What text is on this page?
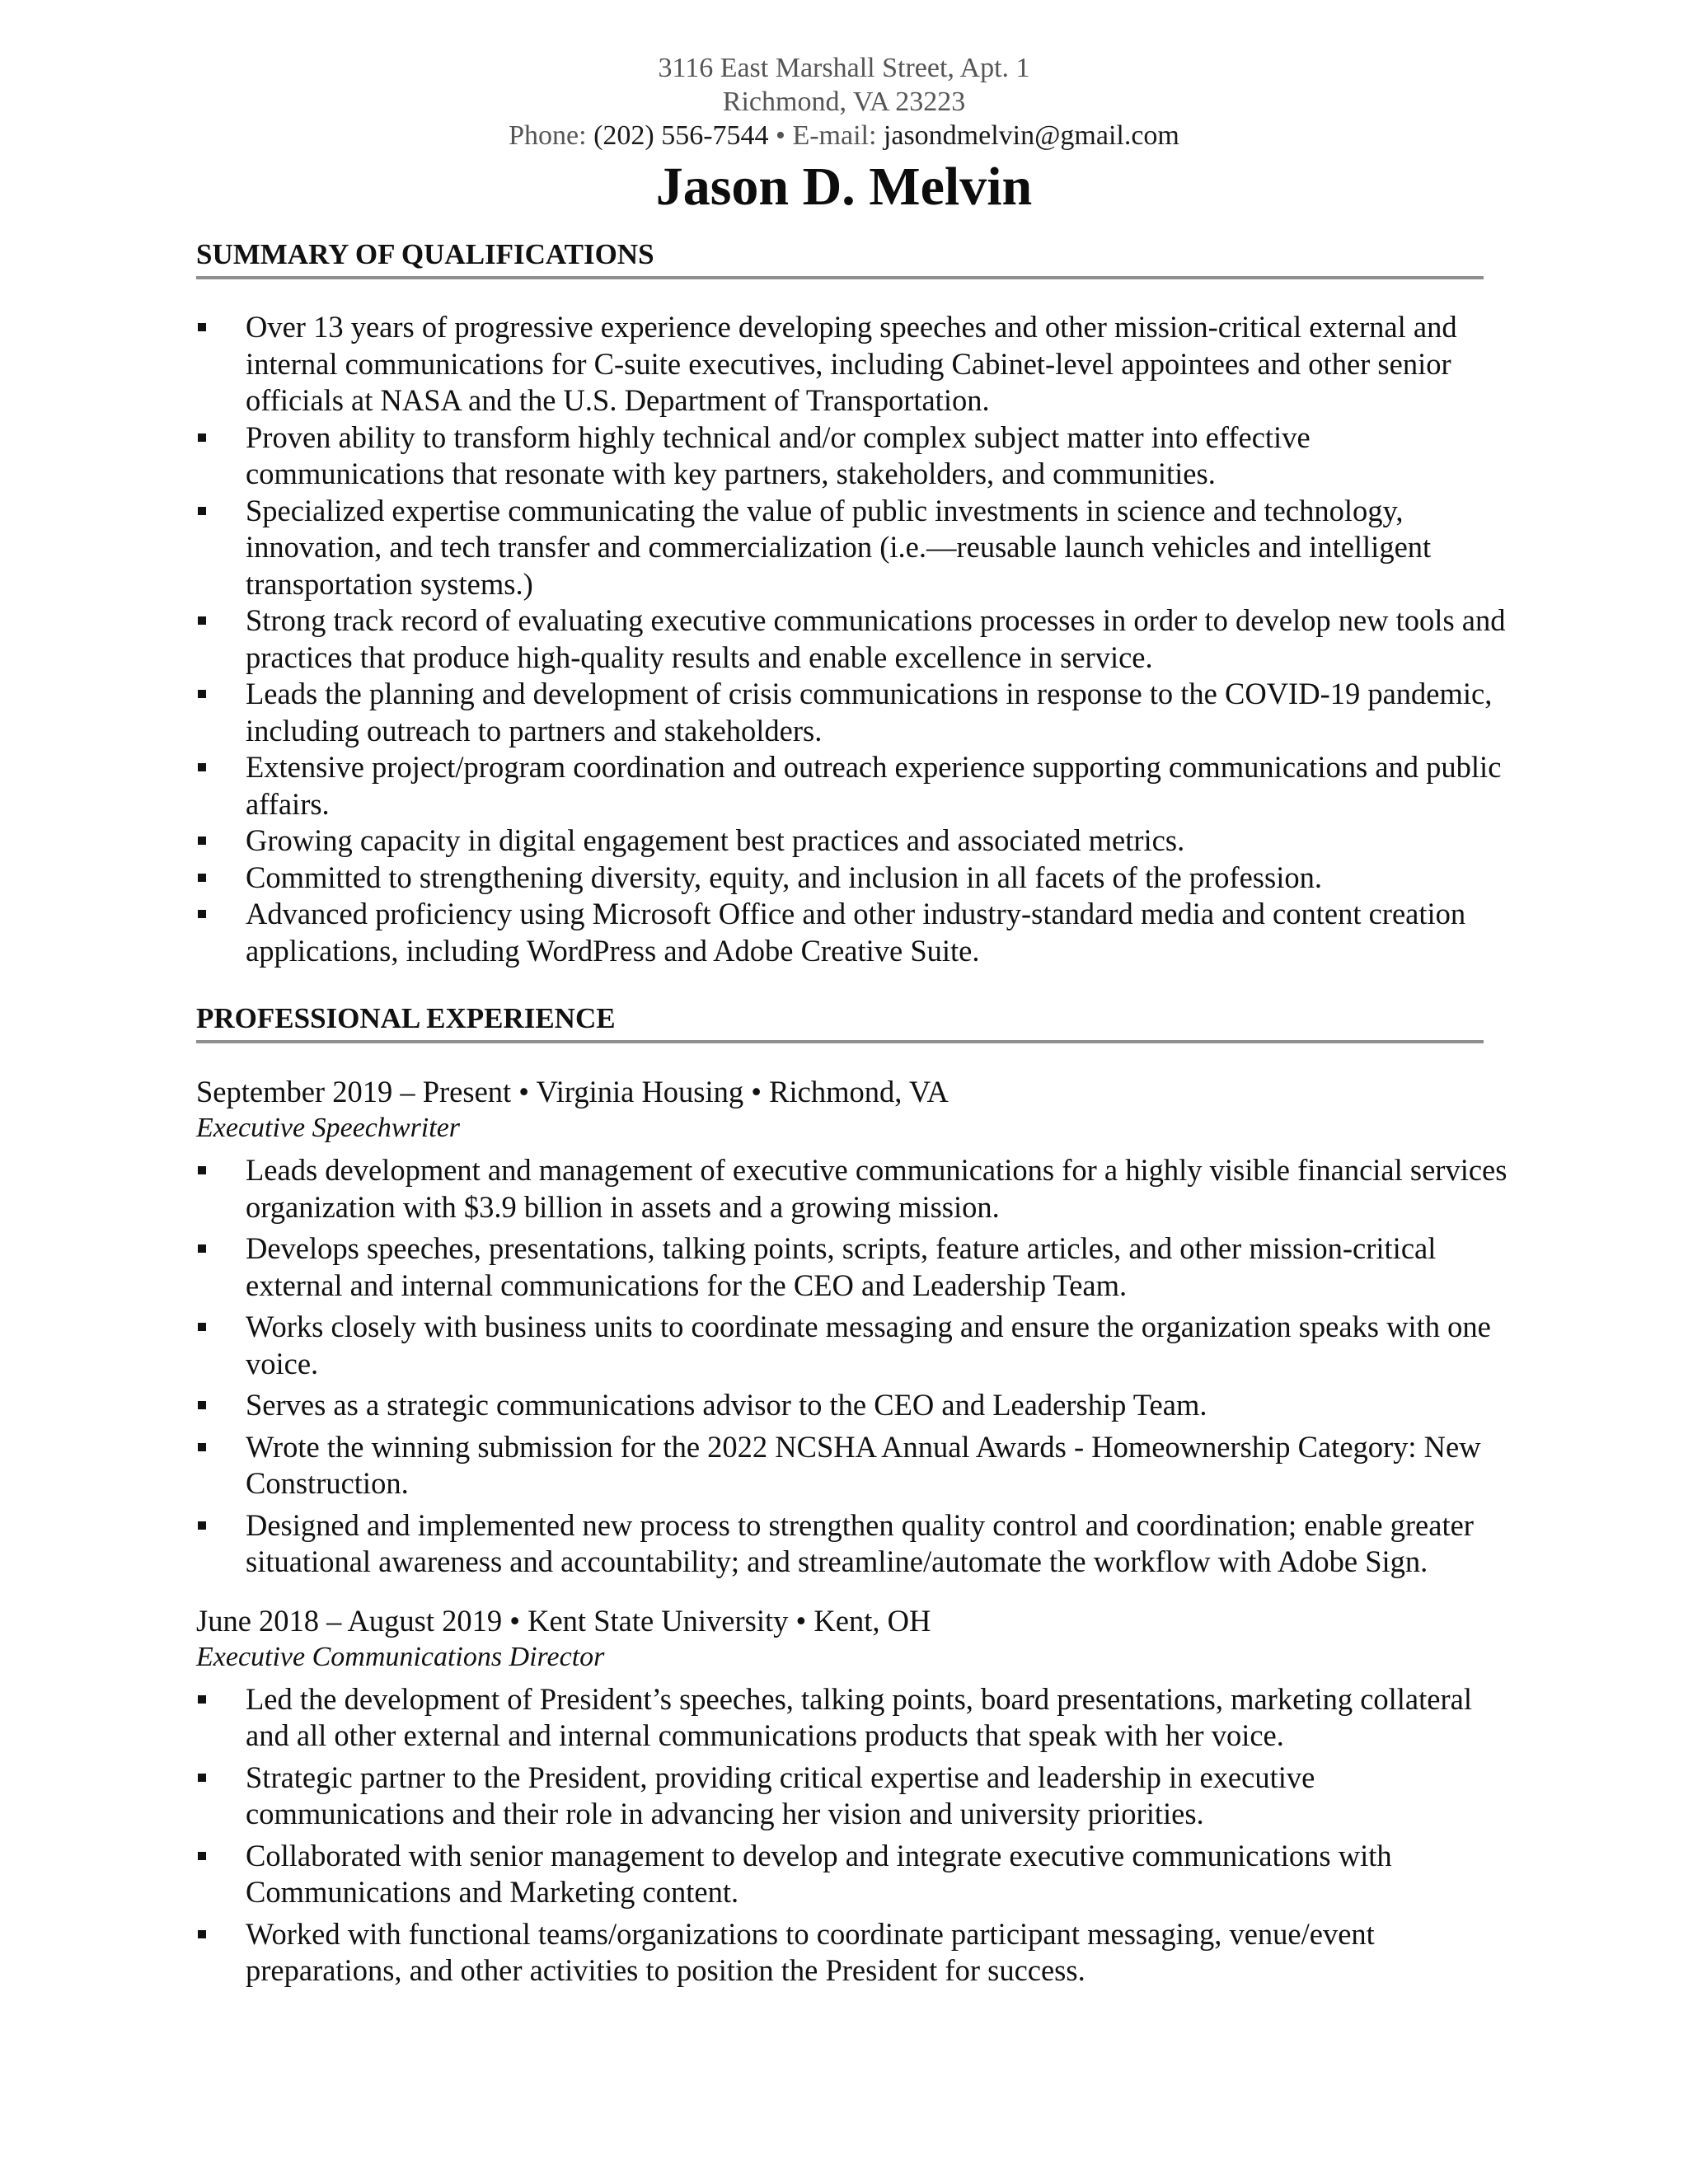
3116 East Marshall Street, Apt. 1
Richmond, VA 23223
Phone: (202) 556-7544 • E-mail: jasondmelvin@gmail.com
Jason D. Melvin
SUMMARY OF QUALIFICATIONS
Over 13 years of progressive experience developing speeches and other mission-critical external and internal communications for C-suite executives, including Cabinet-level appointees and other senior officials at NASA and the U.S. Department of Transportation.
Proven ability to transform highly technical and/or complex subject matter into effective communications that resonate with key partners, stakeholders, and communities.
Specialized expertise communicating the value of public investments in science and technology, innovation, and tech transfer and commercialization (i.e.—reusable launch vehicles and intelligent transportation systems.)
Strong track record of evaluating executive communications processes in order to develop new tools and practices that produce high-quality results and enable excellence in service.
Leads the planning and development of crisis communications in response to the COVID-19 pandemic, including outreach to partners and stakeholders.
Extensive project/program coordination and outreach experience supporting communications and public affairs.
Growing capacity in digital engagement best practices and associated metrics.
Committed to strengthening diversity, equity, and inclusion in all facets of the profession.
Advanced proficiency using Microsoft Office and other industry-standard media and content creation applications, including WordPress and Adobe Creative Suite.
PROFESSIONAL EXPERIENCE
September 2019 – Present • Virginia Housing • Richmond, VA
Executive Speechwriter
Leads development and management of executive communications for a highly visible financial services organization with $3.9 billion in assets and a growing mission.
Develops speeches, presentations, talking points, scripts, feature articles, and other mission-critical external and internal communications for the CEO and Leadership Team.
Works closely with business units to coordinate messaging and ensure the organization speaks with one voice.
Serves as a strategic communications advisor to the CEO and Leadership Team.
Wrote the winning submission for the 2022 NCSHA Annual Awards - Homeownership Category: New Construction.
Designed and implemented new process to strengthen quality control and coordination; enable greater situational awareness and accountability; and streamline/automate the workflow with Adobe Sign.
June 2018 – August 2019 • Kent State University • Kent, OH
Executive Communications Director
Led the development of President’s speeches, talking points, board presentations, marketing collateral and all other external and internal communications products that speak with her voice.
Strategic partner to the President, providing critical expertise and leadership in executive communications and their role in advancing her vision and university priorities.
Collaborated with senior management to develop and integrate executive communications with Communications and Marketing content.
Worked with functional teams/organizations to coordinate participant messaging, venue/event preparations, and other activities to position the President for success.
